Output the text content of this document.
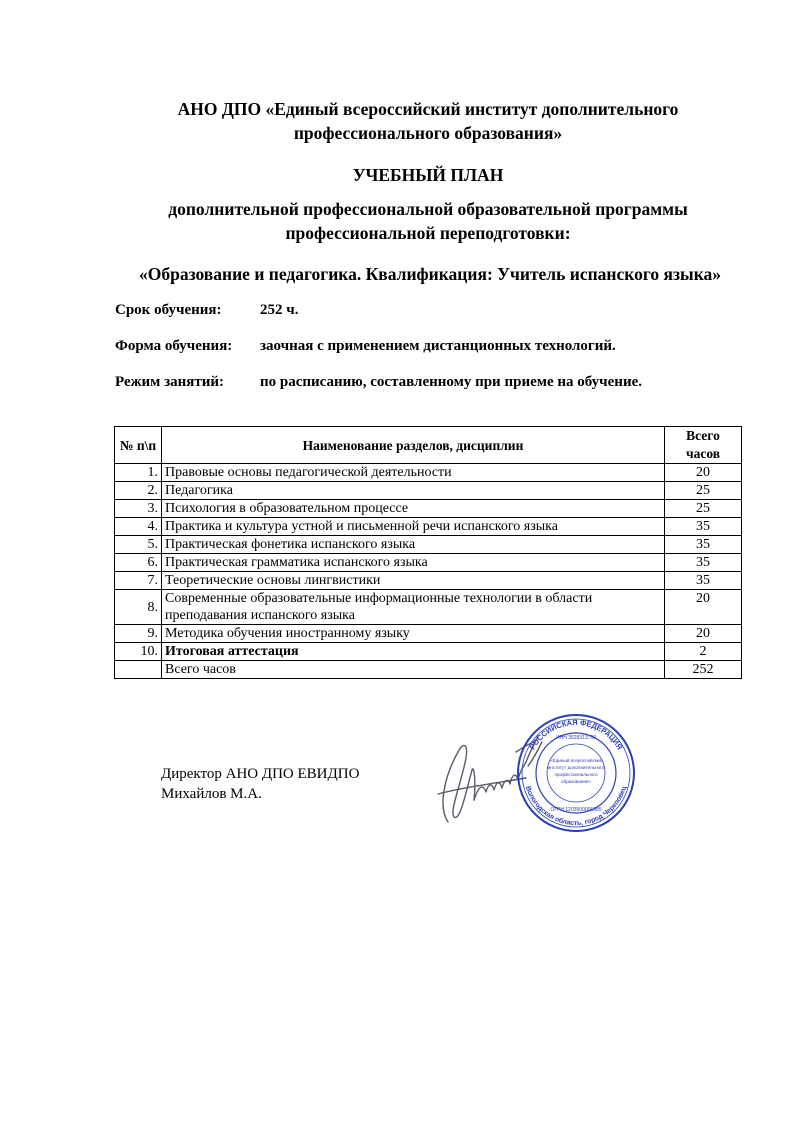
АНО ДПО «Единый всероссийский институт дополнительного
профессионального образования»
УЧЕБНЫЙ ПЛАН
дополнительной профессиональной образовательной программы
профессиональной переподготовки:
«Образование и педагогика. Квалификация: Учитель испанского языка»
Срок обучения:	252 ч.
Форма обучения: заочная с применением дистанционных технологий.
Режим занятий: по расписанию, составленному при приеме на обучение.
№ п\п	Наименование разделов, дисциплин	Всего
часов

1.	Правовые основы педагогической деятельности	20
2.	Педагогика	25
3.	Психология в образовательном процессе	25
4.	Практика и культура устной и письменной речи испанского языка	35
5.	Практическая фонетика испанского языка	35
6.	Практическая грамматика испанского языка	35
7.	Теоретические основы лингвистики	35
8.	Современные образовательные информационные технологии в области
преподавания испанского языка	20
9.	Методика обучения иностранному языку	20
10.	Итоговая аттестация	2
	Всего часов	252
Директор АНО ДПО ЕВИДПО
Михайлов М.А.
РОССИЙСКАЯ ФЕДЕРАЦИЯ
Вологодская область, город Череповец
ИНН 3528313790
ОГРН 1203500006085
«Единый всероссийский
институт дополнительного
профессионального
образования»
